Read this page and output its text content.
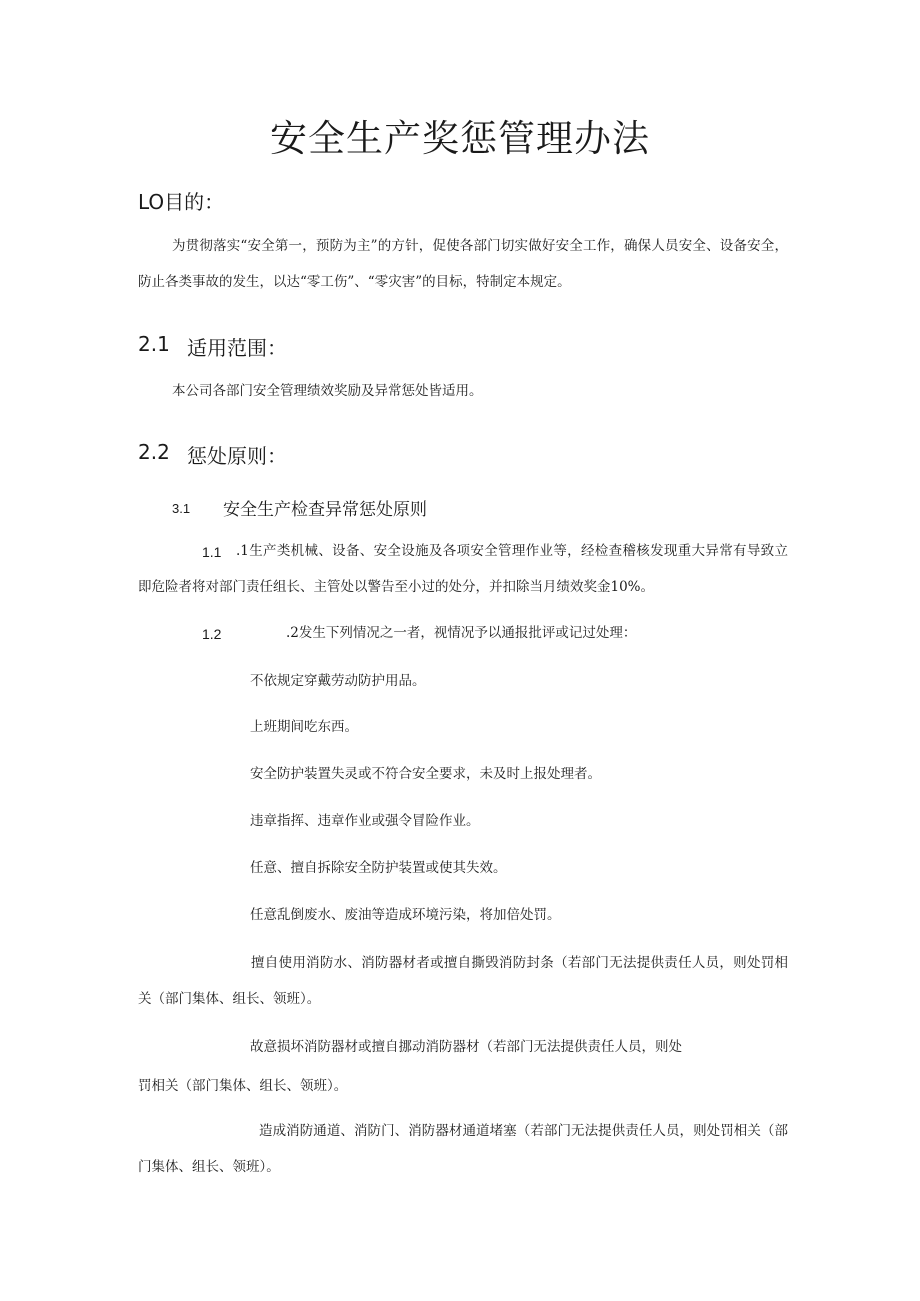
安全生产奖惩管理办法
LO目的：
为贯彻落实“安全第一，预防为主”的方针，促使各部门切实做好安全工作，确保人员安全、设备安全，防止各类事故的发生，以达“零工伤”、“零灾害”的目标，特制定本规定。
2.1 适用范围：
本公司各部门安全管理绩效奖励及异常惩处皆适用。
2.2 惩处原则：
3.1 安全生产检查异常惩处原则
1.1	.1生产类机械、设备、安全设施及各项安全管理作业等，经检查稽核发现重大异常有导致立即危险者将对部门责任组长、主管处以警告至小过的处分，并扣除当月绩效奖金10%。
1.2	.2发生下列情况之一者，视情况予以通报批评或记过处理：
不依规定穿戴劳动防护用品。
上班期间吃东西。
安全防护装置失灵或不符合安全要求，未及时上报处理者。
违章指挥、违章作业或强令冒险作业。
任意、擅自拆除安全防护装置或使其失效。
任意乱倒废水、废油等造成环境污染，将加倍处罚。
擅自使用消防水、消防器材者或擅自撕毁消防封条（若部门无法提供责任人员，则处罚相关（部门集体、组长、领班）。
故意损坏消防器材或擅自挪动消防器材（若部门无法提供责任人员，则处
罚相关（部门集体、组长、领班）。
造成消防通道、消防门、消防器材通道堵塞（若部门无法提供责任人员，则处罚相关（部门集体、组长、领班）。
